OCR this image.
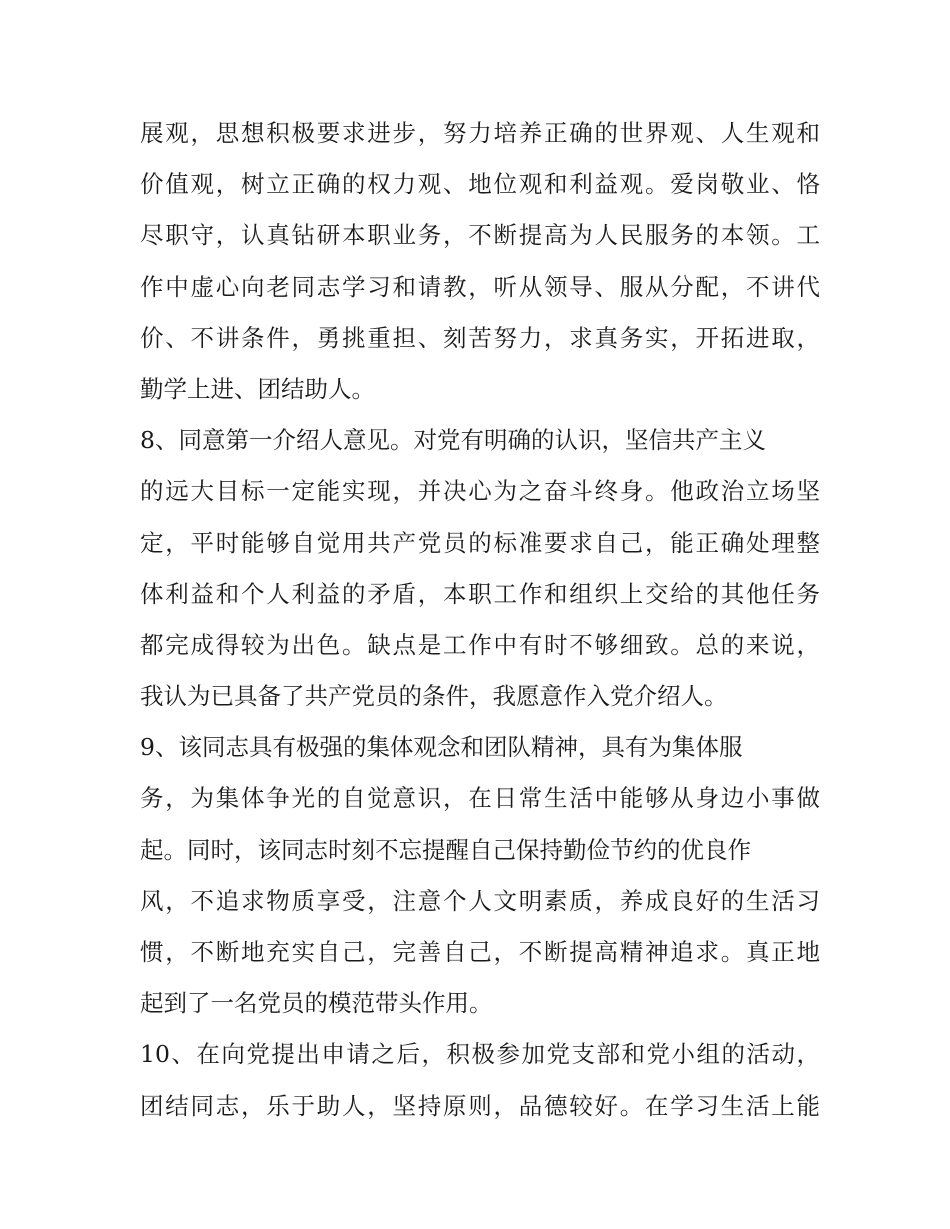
展观，思想积极要求进步，努力培养正确的世界观、人生观和
价值观，树立正确的权力观、地位观和利益观。爱岗敬业、恪
尽职守，认真钻研本职业务，不断提高为人民服务的本领。工
作中虚心向老同志学习和请教，听从领导、服从分配，不讲代
价、不讲条件，勇挑重担、刻苦努力，求真务实，开拓进取，
勤学上进、团结助人。
8、同意第一介绍人意见。对党有明确的认识，坚信共产主义
的远大目标一定能实现，并决心为之奋斗终身。他政治立场坚
定，平时能够自觉用共产党员的标准要求自己，能正确处理整
体利益和个人利益的矛盾，本职工作和组织上交给的其他任务
都完成得较为出色。缺点是工作中有时不够细致。总的来说，
我认为已具备了共产党员的条件，我愿意作入党介绍人。
9、该同志具有极强的集体观念和团队精神，具有为集体服
务，为集体争光的自觉意识，在日常生活中能够从身边小事做
起。同时，该同志时刻不忘提醒自己保持勤俭节约的优良作
风，不追求物质享受，注意个人文明素质，养成良好的生活习
惯，不断地充实自己，完善自己，不断提高精神追求。真正地
起到了一名党员的模范带头作用。
10、在向党提出申请之后，积极参加党支部和党小组的活动，
团结同志，乐于助人，坚持原则，品德较好。在学习生活上能
